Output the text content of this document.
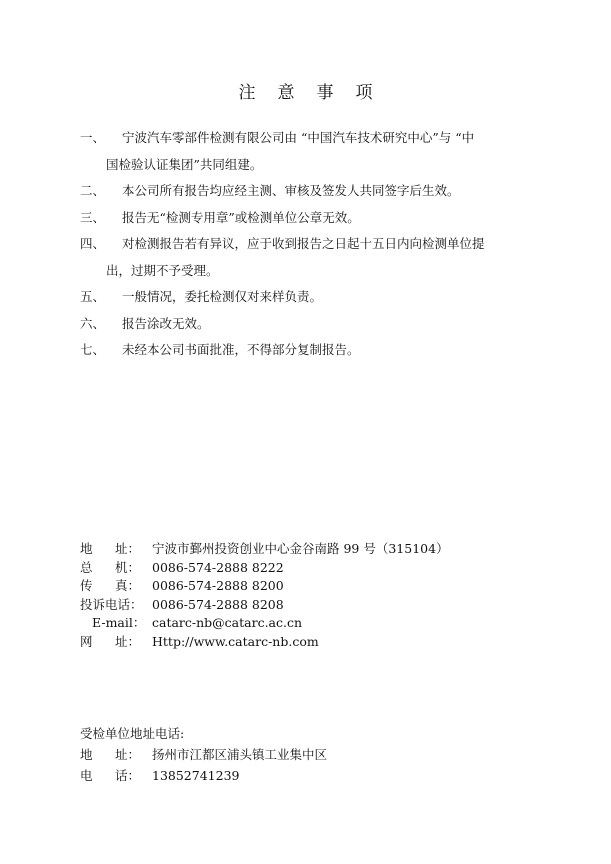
注意事项

一、	宁波汽车零部件检测有限公司由 “中国汽车技术研究中心”与 “中
国检验认证集团”共同组建。

二、	本公司所有报告均应经主测、审核及签发人共同签字后生效。

三、	报告无“检测专用章”或检测单位公章无效。

四、	对检测报告若有异议，应于收到报告之日起十五日内向检测单位提
出，过期不予受理。

五、	一般情况，委托检测仅对来样负责。

六、	报告涂改无效。

七、	未经本公司书面批准，不得部分复制报告。

地 址： 宁波市鄞州投资创业中心金谷南路 99 号（315104）
总 机： 0086-574-2888 8222
传 真： 0086-574-2888 8200
投诉电话： 0086-574-2888 8208
E-mail： catarc-nb@catarc.ac.cn
网 址： Http://www.catarc-nb.com
受检单位地址电话:
地 址： 扬州市江都区浦头镇工业集中区
电 话： 13852741239
